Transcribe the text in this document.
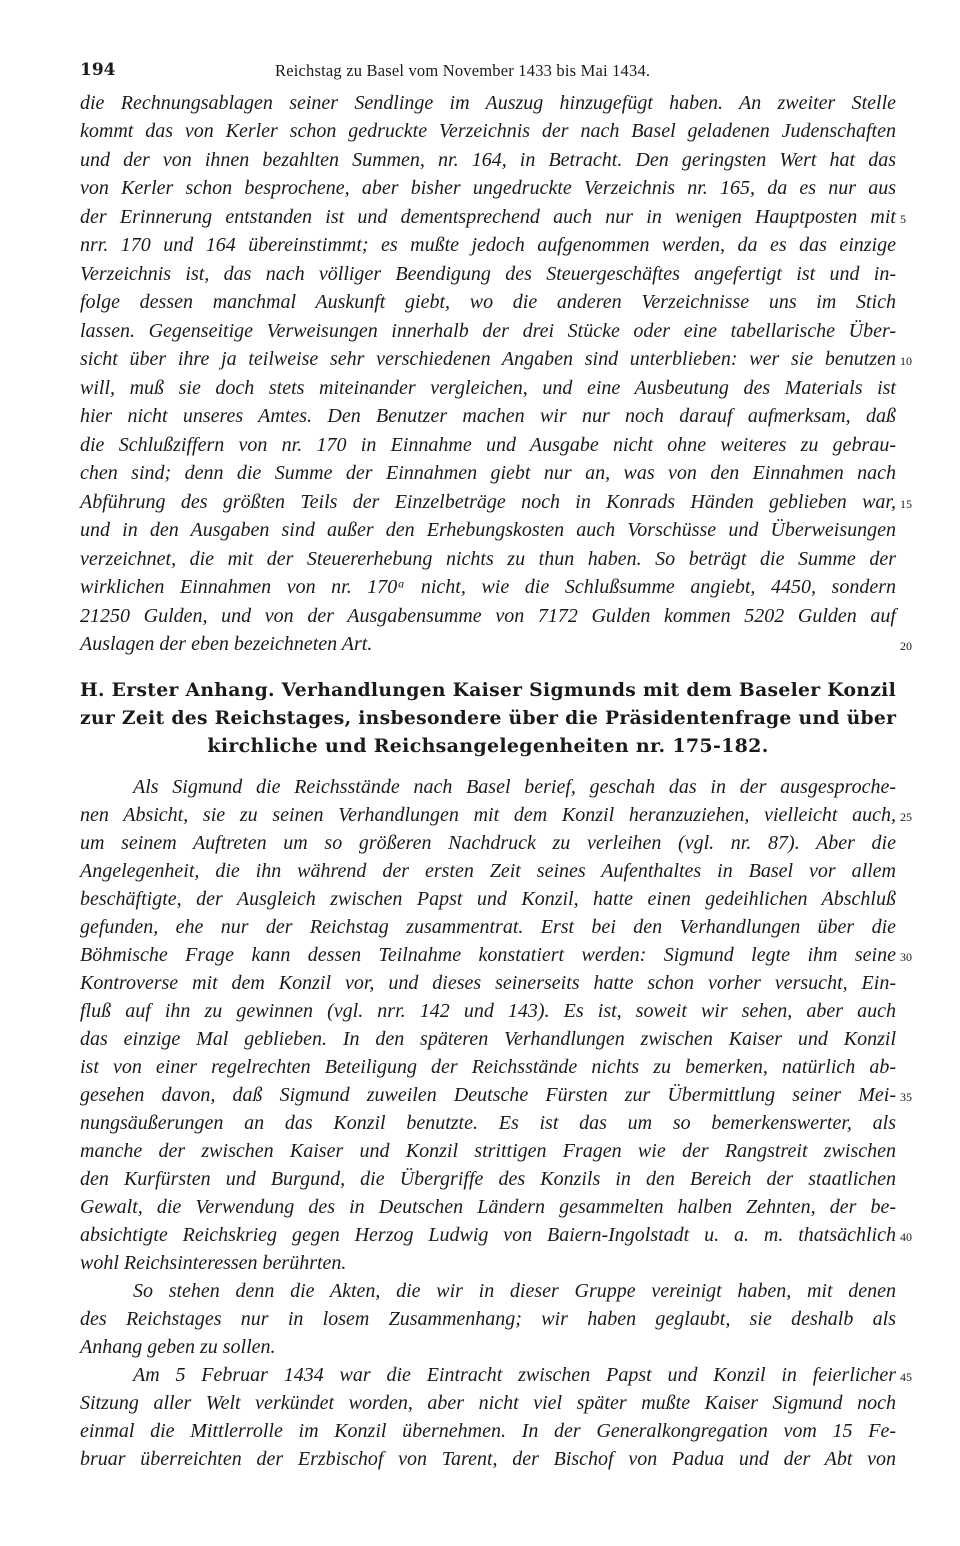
194	Reichstag zu Basel vom November 1433 bis Mai 1434.
die Rechnungsablagen seiner Sendlinge im Auszug hinzugefügt haben. An zweiter Stelle
kommt das von Kerler schon gedruckte Verzeichnis der nach Basel geladenen Judenschaften
und der von ihnen bezahlten Summen, nr. 164, in Betracht. Den geringsten Wert hat das
von Kerler schon besprochene, aber bisher ungedruckte Verzeichnis nr. 165, da es nur aus
der Erinnerung entstanden ist und dementsprechend auch nur in wenigen Hauptposten mit
nrr. 170 und 164 übereinstimmt; es mußte jedoch aufgenommen werden, da es das einzige
Verzeichnis ist, das nach völliger Beendigung des Steuergeschäftes angefertigt ist und in-
folge dessen manchmal Auskunft giebt, wo die anderen Verzeichnisse uns im Stich
lassen. Gegenseitige Verweisungen innerhalb der drei Stücke oder eine tabellarische Über-
sicht über ihre ja teilweise sehr verschiedenen Angaben sind unterblieben: wer sie benutzen
will, muß sie doch stets miteinander vergleichen, und eine Ausbeutung des Materials ist
hier nicht unseres Amtes. Den Benutzer machen wir nur noch darauf aufmerksam, daß
die Schlußziffern von nr. 170 in Einnahme und Ausgabe nicht ohne weiteres zu gebrau-
chen sind; denn die Summe der Einnahmen giebt nur an, was von den Einnahmen nach
Abführung des größten Teils der Einzelbeträge noch in Konrads Händen geblieben war,
und in den Ausgaben sind außer den Erhebungskosten auch Vorschüsse und Überweisungen
verzeichnet, die mit der Steuererhebung nichts zu thun haben. So beträgt die Summe der
wirklichen Einnahmen von nr. 170ᵃ nicht, wie die Schlußsumme angiebt, 4450, sondern
21250 Gulden, und von der Ausgabensumme von 7172 Gulden kommen 5202 Gulden auf
Auslagen der eben bezeichneten Art.
H. Erster Anhang. Verhandlungen Kaiser Sigmunds mit dem Baseler Konzil
zur Zeit des Reichstages, insbesondere über die Präsidentenfrage und über
kirchliche und Reichsangelegenheiten nr. 175-182.
Als Sigmund die Reichsstände nach Basel berief, geschah das in der ausgesproche-
nen Absicht, sie zu seinen Verhandlungen mit dem Konzil heranzuziehen, vielleicht auch,
um seinem Auftreten um so größeren Nachdruck zu verleihen (vgl. nr. 87). Aber die
Angelegenheit, die ihn während der ersten Zeit seines Aufenthaltes in Basel vor allem
beschäftigte, der Ausgleich zwischen Papst und Konzil, hatte einen gedeihlichen Abschluß
gefunden, ehe nur der Reichstag zusammentrat. Erst bei den Verhandlungen über die
Böhmische Frage kann dessen Teilnahme konstatiert werden: Sigmund legte ihm seine
Kontroverse mit dem Konzil vor, und dieses seinerseits hatte schon vorher versucht, Ein-
fluß auf ihn zu gewinnen (vgl. nrr. 142 und 143). Es ist, soweit wir sehen, aber auch
das einzige Mal geblieben. In den späteren Verhandlungen zwischen Kaiser und Konzil
ist von einer regelrechten Beteiligung der Reichsstände nichts zu bemerken, natürlich ab-
gesehen davon, daß Sigmund zuweilen Deutsche Fürsten zur Übermittlung seiner Mei-
nungsäußerungen an das Konzil benutzte. Es ist das um so bemerkenswerter, als
manche der zwischen Kaiser und Konzil strittigen Fragen wie der Rangstreit zwischen
den Kurfürsten und Burgund, die Übergriffe des Konzils in den Bereich der staatlichen
Gewalt, die Verwendung des in Deutschen Ländern gesammelten halben Zehnten, der be-
absichtigte Reichskrieg gegen Herzog Ludwig von Baiern-Ingolstadt u. a. m. thatsächlich
wohl Reichsinteressen berührten.
So stehen denn die Akten, die wir in dieser Gruppe vereinigt haben, mit denen
des Reichstages nur in losem Zusammenhang; wir haben geglaubt, sie deshalb als
Anhang geben zu sollen.
Am 5 Februar 1434 war die Eintracht zwischen Papst und Konzil in feierlicher
Sitzung aller Welt verkündet worden, aber nicht viel später mußte Kaiser Sigmund noch
einmal die Mittlerrolle im Konzil übernehmen. In der Generalkongregation vom 15 Fe-
bruar überreichten der Erzbischof von Tarent, der Bischof von Padua und der Abt von
5
10
15
20
25
30
35
40
45
